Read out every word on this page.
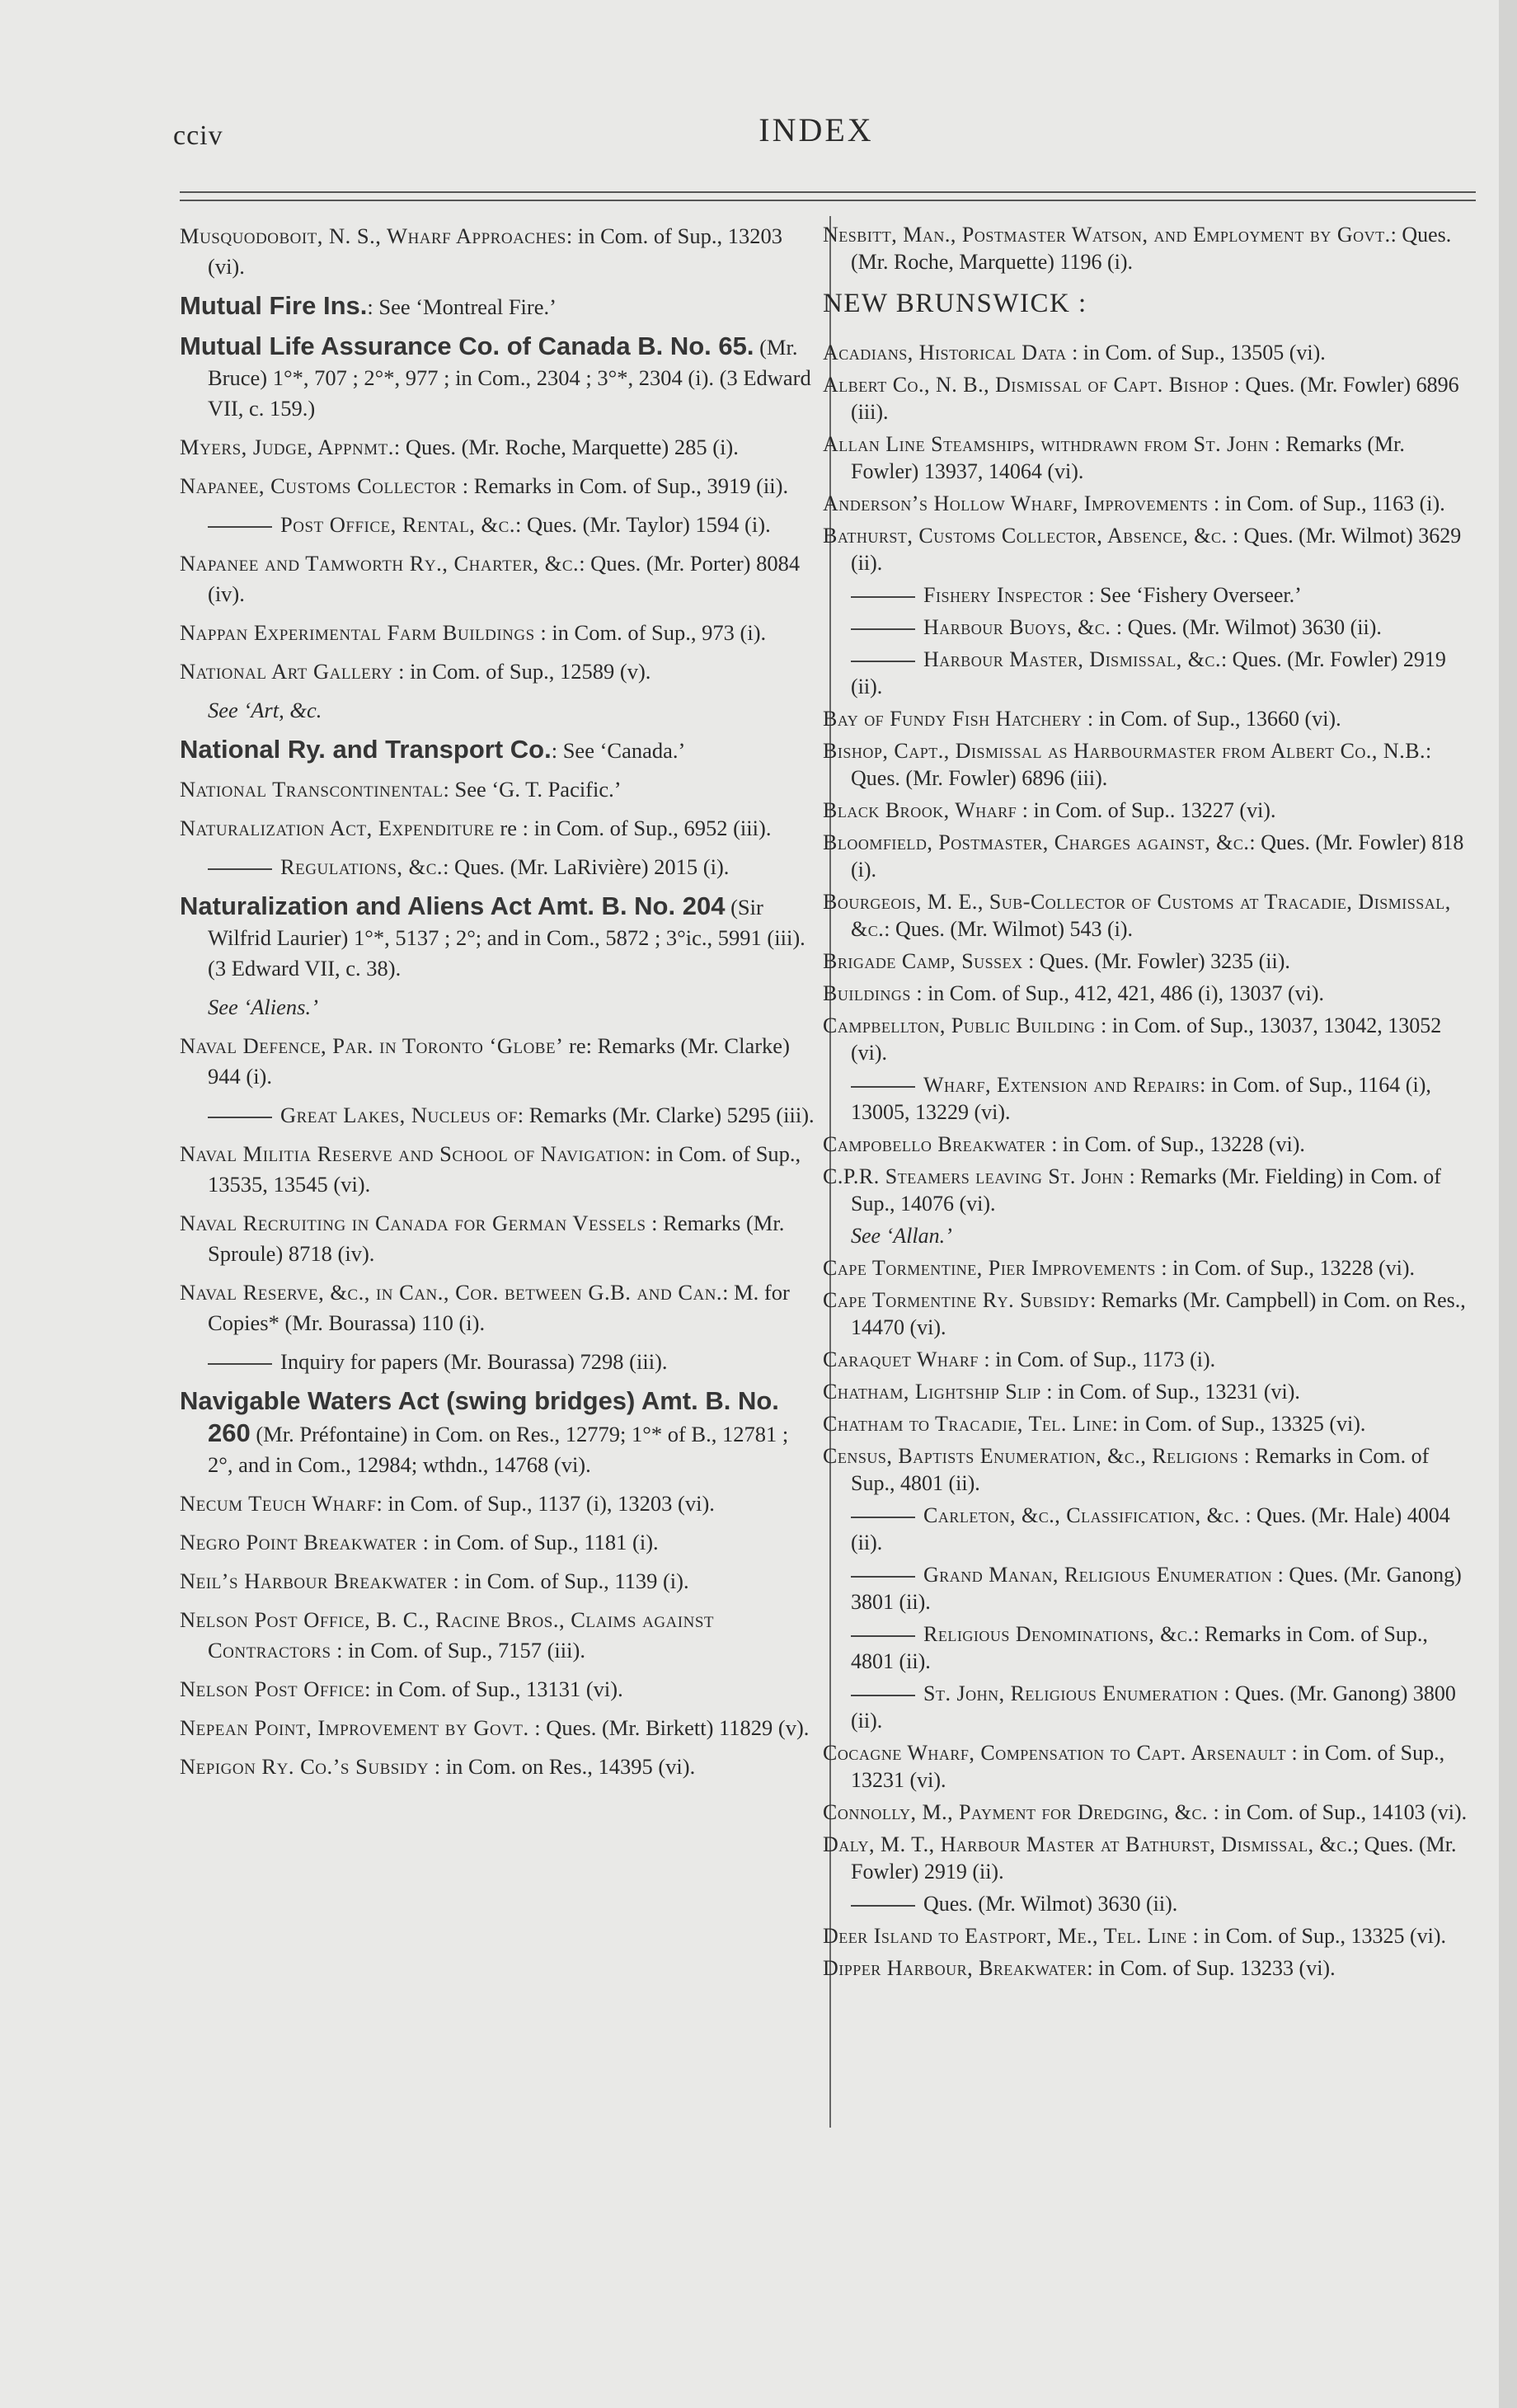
cciv	INDEX
Musquodoboit, N. S., Wharf Approaches: in Com. of Sup., 13203 (vi).
Mutual Fire Ins.: See ‘Montreal Fire.’
Mutual Life Assurance Co. of Canada B. No. 65. (Mr. Bruce) 1°*, 707 ; 2°*, 977 ; in Com., 2304 ; 3°*, 2304 (i). (3 Edward VII, c. 159.)
Myers, Judge, Appnmt.: Ques. (Mr. Roche, Marquette) 285 (i).
Napanee, Customs Collector : Remarks in Com. of Sup., 3919 (ii).
Post Office, Rental, &c.: Ques. (Mr. Taylor) 1594 (i).
Napanee and Tamworth Ry., Charter, &c.: Ques. (Mr. Porter) 8084 (iv).
Nappan Experimental Farm Buildings : in Com. of Sup., 973 (i).
National Art Gallery : in Com. of Sup., 12589 (v).
See ‘Art, &c.
National Ry. and Transport Co.: See ‘Canada.’
National Transcontinental: See ‘G. T. Pacific.’
Naturalization Act, Expenditure re : in Com. of Sup., 6952 (iii).
Regulations, &c.: Ques. (Mr. LaRivière) 2015 (i).
Naturalization and Aliens Act Amt. B. No. 204 (Sir Wilfrid Laurier) 1°*, 5137 ; 2°; and in Com., 5872 ; 3°ic., 5991 (iii). (3 Edward VII, c. 38).
See ‘Aliens.’
Naval Defence, Par. in Toronto ‘Globe’ re: Remarks (Mr. Clarke) 944 (i).
Great Lakes, Nucleus of: Remarks (Mr. Clarke) 5295 (iii).
Naval Militia Reserve and School of Navigation: in Com. of Sup., 13535, 13545 (vi).
Naval Recruiting in Canada for German Vessels : Remarks (Mr. Sproule) 8718 (iv).
Naval Reserve, &c., in Can., Cor. between G.B. and Can.: M. for Copies* (Mr. Bourassa) 110 (i).
Inquiry for papers (Mr. Bourassa) 7298 (iii).
Navigable Waters Act (swing bridges) Amt. B. No. 260 (Mr. Préfontaine) in Com. on Res., 12779; 1°* of B., 12781 ; 2°, and in Com., 12984; wthdn., 14768 (vi).
Necum Teuch Wharf: in Com. of Sup., 1137 (i), 13203 (vi).
Negro Point Breakwater : in Com. of Sup., 1181 (i).
Neil’s Harbour Breakwater : in Com. of Sup., 1139 (i).
Nelson Post Office, B. C., Racine Bros., Claims against Contractors : in Com. of Sup., 7157 (iii).
Nelson Post Office: in Com. of Sup., 13131 (vi).
Nepean Point, Improvement by Govt. : Ques. (Mr. Birkett) 11829 (v).
Nepigon Ry. Co.’s Subsidy : in Com. on Res., 14395 (vi).
Nesbitt, Man., Postmaster Watson, and Employment by Govt.: Ques. (Mr. Roche, Marquette) 1196 (i).
NEW BRUNSWICK :
Acadians, Historical Data : in Com. of Sup., 13505 (vi).
Albert Co., N. B., Dismissal of Capt. Bishop : Ques. (Mr. Fowler) 6896 (iii).
Allan Line Steamships, withdrawn from St. John : Remarks (Mr. Fowler) 13937, 14064 (vi).
Anderson’s Hollow Wharf, Improvements : in Com. of Sup., 1163 (i).
Bathurst, Customs Collector, Absence, &c. : Ques. (Mr. Wilmot) 3629 (ii).
Fishery Inspector : See ‘Fishery Overseer.’
Harbour Buoys, &c. : Ques. (Mr. Wilmot) 3630 (ii).
Harbour Master, Dismissal, &c.: Ques. (Mr. Fowler) 2919 (ii).
Bay of Fundy Fish Hatchery : in Com. of Sup., 13660 (vi).
Bishop, Capt., Dismissal as Harbourmaster from Albert Co., N.B.: Ques. (Mr. Fowler) 6896 (iii).
Black Brook, Wharf : in Com. of Sup.. 13227 (vi).
Bloomfield, Postmaster, Charges against, &c.: Ques. (Mr. Fowler) 818 (i).
Bourgeois, M. E., Sub-Collector of Customs at Tracadie, Dismissal, &c.: Ques. (Mr. Wilmot) 543 (i).
Brigade Camp, Sussex : Ques. (Mr. Fowler) 3235 (ii).
Buildings : in Com. of Sup., 412, 421, 486 (i), 13037 (vi).
Campbellton, Public Building : in Com. of Sup., 13037, 13042, 13052 (vi).
Wharf, Extension and Repairs: in Com. of Sup., 1164 (i), 13005, 13229 (vi).
Campobello Breakwater : in Com. of Sup., 13228 (vi).
C.P.R. Steamers leaving St. John : Remarks (Mr. Fielding) in Com. of Sup., 14076 (vi).
See ‘Allan.’
Cape Tormentine, Pier Improvements : in Com. of Sup., 13228 (vi).
Cape Tormentine Ry. Subsidy: Remarks (Mr. Campbell) in Com. on Res., 14470 (vi).
Caraquet Wharf : in Com. of Sup., 1173 (i).
Chatham, Lightship Slip : in Com. of Sup., 13231 (vi).
Chatham to Tracadie, Tel. Line: in Com. of Sup., 13325 (vi).
Census, Baptists Enumeration, &c., Religions : Remarks in Com. of Sup., 4801 (ii).
Carleton, &c., Classification, &c. : Ques. (Mr. Hale) 4004 (ii).
Grand Manan, Religious Enumeration : Ques. (Mr. Ganong) 3801 (ii).
Religious Denominations, &c.: Remarks in Com. of Sup., 4801 (ii).
St. John, Religious Enumeration : Ques. (Mr. Ganong) 3800 (ii).
Cocagne Wharf, Compensation to Capt. Arsenault : in Com. of Sup., 13231 (vi).
Connolly, M., Payment for Dredging, &c. : in Com. of Sup., 14103 (vi).
Daly, M. T., Harbour Master at Bathurst, Dismissal, &c.; Ques. (Mr. Fowler) 2919 (ii).
Ques. (Mr. Wilmot) 3630 (ii).
Deer Island to Eastport, Me., Tel. Line : in Com. of Sup., 13325 (vi).
Dipper Harbour, Breakwater: in Com. of Sup. 13233 (vi).
